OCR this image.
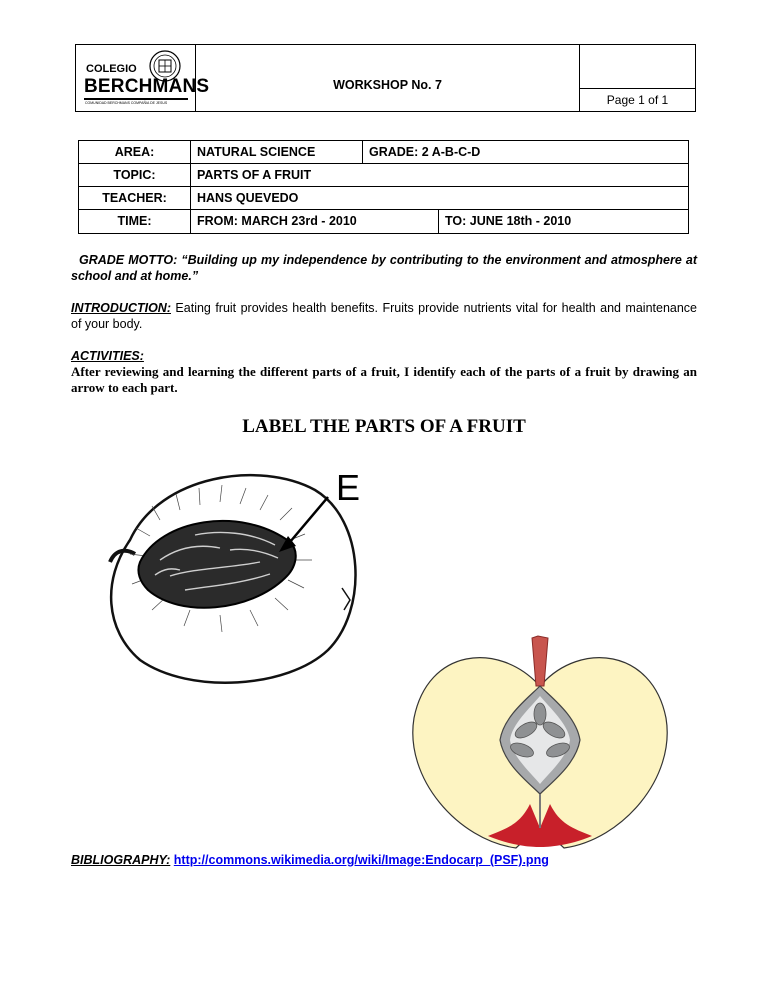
COLEGIO
BERCHMANS
COMUNIDAD BERCHMANS COMPAÑIA DE JESUS
WORKSHOP No. 7
Page 1 of 1
AREA:	NATURAL SCIENCE	GRADE: 2 A-B-C-D
TOPIC:	PARTS OF A FRUIT
TEACHER:	HANS QUEVEDO
TIME:	FROM: MARCH 23rd - 2010	TO: JUNE 18th - 2010
GRADE MOTTO: “Building up my independence by contributing to the environment and atmosphere at school and at home.”
INTRODUCTION: Eating fruit provides health benefits. Fruits provide nutrients vital for health and maintenance of your body.
ACTIVITIES:
After reviewing and learning the different parts of a fruit, I identify each of the parts of a fruit by drawing an arrow to each part.
LABEL THE PARTS OF A FRUIT
E
BIBLIOGRAPHY: http://commons.wikimedia.org/wiki/Image:Endocarp_(PSF).png
